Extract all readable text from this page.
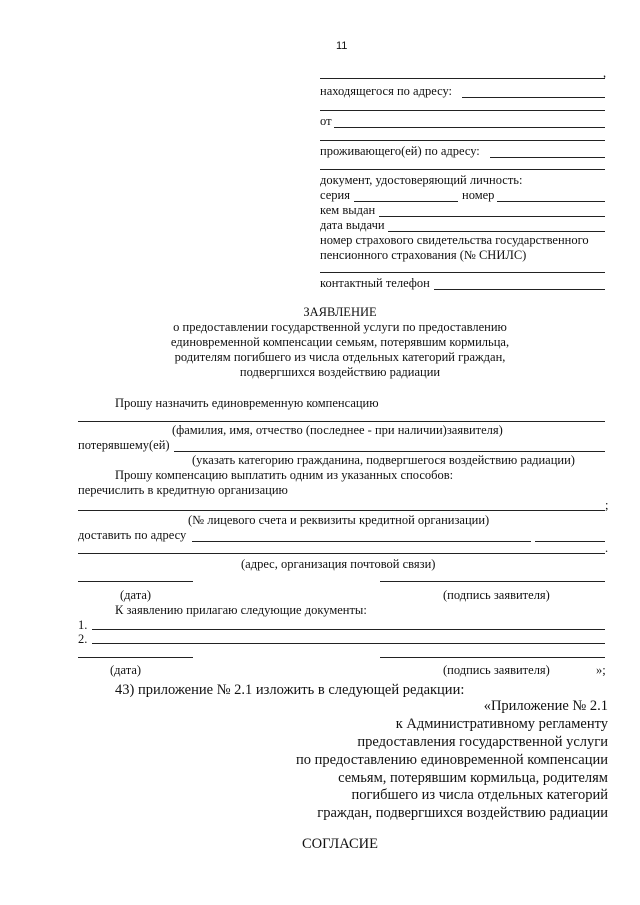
11
,
находящегося по адресу:
от
проживающего(ей) по адресу:
документ, удостоверяющий личность:
серия	номер
кем выдан
дата выдачи
номер страхового свидетельства государственного
пенсионного страхования (№ СНИЛС)
контактный телефон
ЗАЯВЛЕНИЕ
о предоставлении государственной услуги по предоставлению
единовременной компенсации семьям, потерявшим кормильца,
родителям погибшего из числа отдельных категорий граждан,
подвергшихся воздействию радиации
Прошу назначить единовременную компенсацию
(фамилия, имя, отчество (последнее - при наличии)заявителя)
потерявшему(ей)
(указать категорию гражданина, подвергшегося воздействию радиации)
Прошу компенсацию выплатить одним из указанных способов:
перечислить в кредитную организацию
;
(№ лицевого счета и реквизиты кредитной организации)
доставить по адресу
.
(адрес, организация почтовой связи)
(дата)	(подпись заявителя)
К заявлению прилагаю следующие документы:
1.
2.
(дата)	(подпись заявителя)	»;
43) приложение № 2.1 изложить в следующей редакции:
«Приложение № 2.1
к Административному регламенту
предоставления государственной услуги
по предоставлению единовременной компенсации
семьям, потерявшим кормильца, родителям
погибшего из числа отдельных категорий
граждан, подвергшихся воздействию радиации
СОГЛАСИЕ
